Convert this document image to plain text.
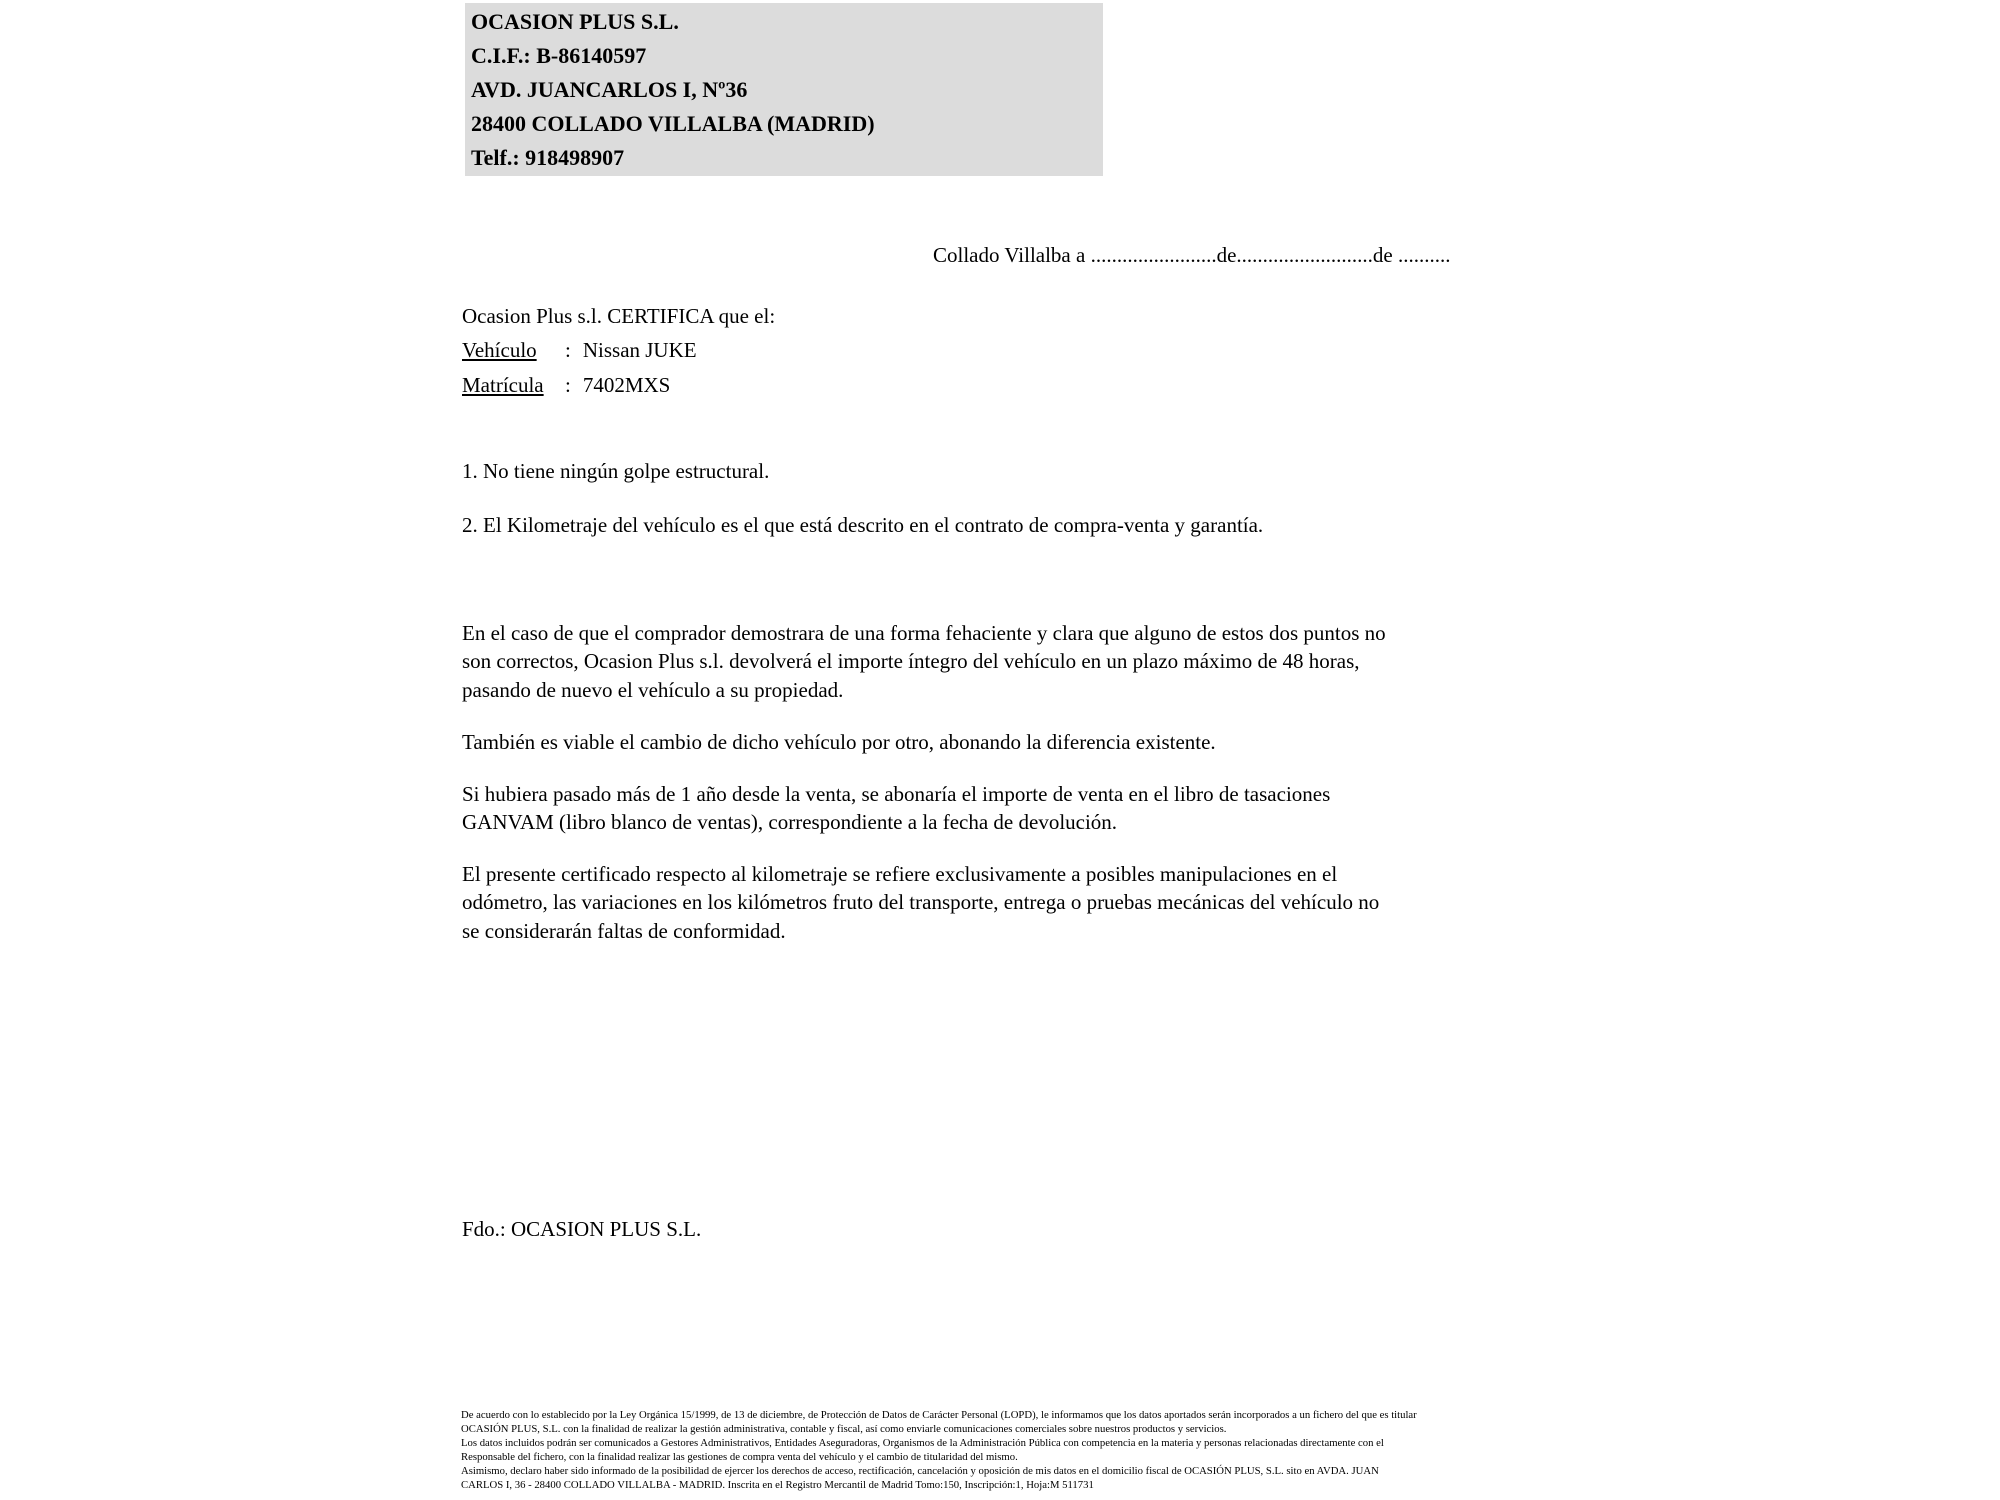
OCASION PLUS S.L.
C.I.F.: B-86140597
AVD. JUANCARLOS I, Nº36
28400 COLLADO VILLALBA (MADRID)
Telf.: 918498907
Collado Villalba a ........................de..........................de ..........
Ocasion Plus s.l. CERTIFICA que el:
Vehículo : Nissan JUKE
Matrícula : 7402MXS
1. No tiene ningún golpe estructural.
2. El Kilometraje del vehículo es el que está descrito en el contrato de compra-venta y garantía.

En el caso de que el comprador demostrara de una forma fehaciente y clara que alguno de estos dos puntos no
son correctos, Ocasion Plus s.l. devolverá el importe íntegro del vehículo en un plazo máximo de 48 horas,
pasando de nuevo el vehículo a su propiedad.

También es viable el cambio de dicho vehículo por otro, abonando la diferencia existente.

Si hubiera pasado más de 1 año desde la venta, se abonaría el importe de venta en el libro de tasaciones
GANVAM (libro blanco de ventas), correspondiente a la fecha de devolución.

El presente certificado respecto al kilometraje se refiere exclusivamente a posibles manipulaciones en el
odómetro, las variaciones en los kilómetros fruto del transporte, entrega o pruebas mecánicas del vehículo no
se considerarán faltas de conformidad.

Fdo.: OCASION PLUS S.L.
De acuerdo con lo establecido por la Ley Orgánica 15/1999, de 13 de diciembre, de Protección de Datos de Carácter Personal (LOPD), le informamos que los datos aportados serán incorporados a un fichero del que es titular
OCASIÓN PLUS, S.L. con la finalidad de realizar la gestión administrativa, contable y fiscal, así como enviarle comunicaciones comerciales sobre nuestros productos y servicios.
Los datos incluidos podrán ser comunicados a Gestores Administrativos, Entidades Aseguradoras, Organismos de la Administración Pública con competencia en la materia y personas relacionadas directamente con el
Responsable del fichero, con la finalidad realizar las gestiones de compra venta del vehículo y el cambio de titularidad del mismo.
Asimismo, declaro haber sido informado de la posibilidad de ejercer los derechos de acceso, rectificación, cancelación y oposición de mis datos en el domicilio fiscal de OCASIÓN PLUS, S.L. sito en AVDA. JUAN
CARLOS I, 36 - 28400 COLLADO VILLALBA - MADRID. Inscrita en el Registro Mercantil de Madrid Tomo:150, Inscripción:1, Hoja:M 511731
